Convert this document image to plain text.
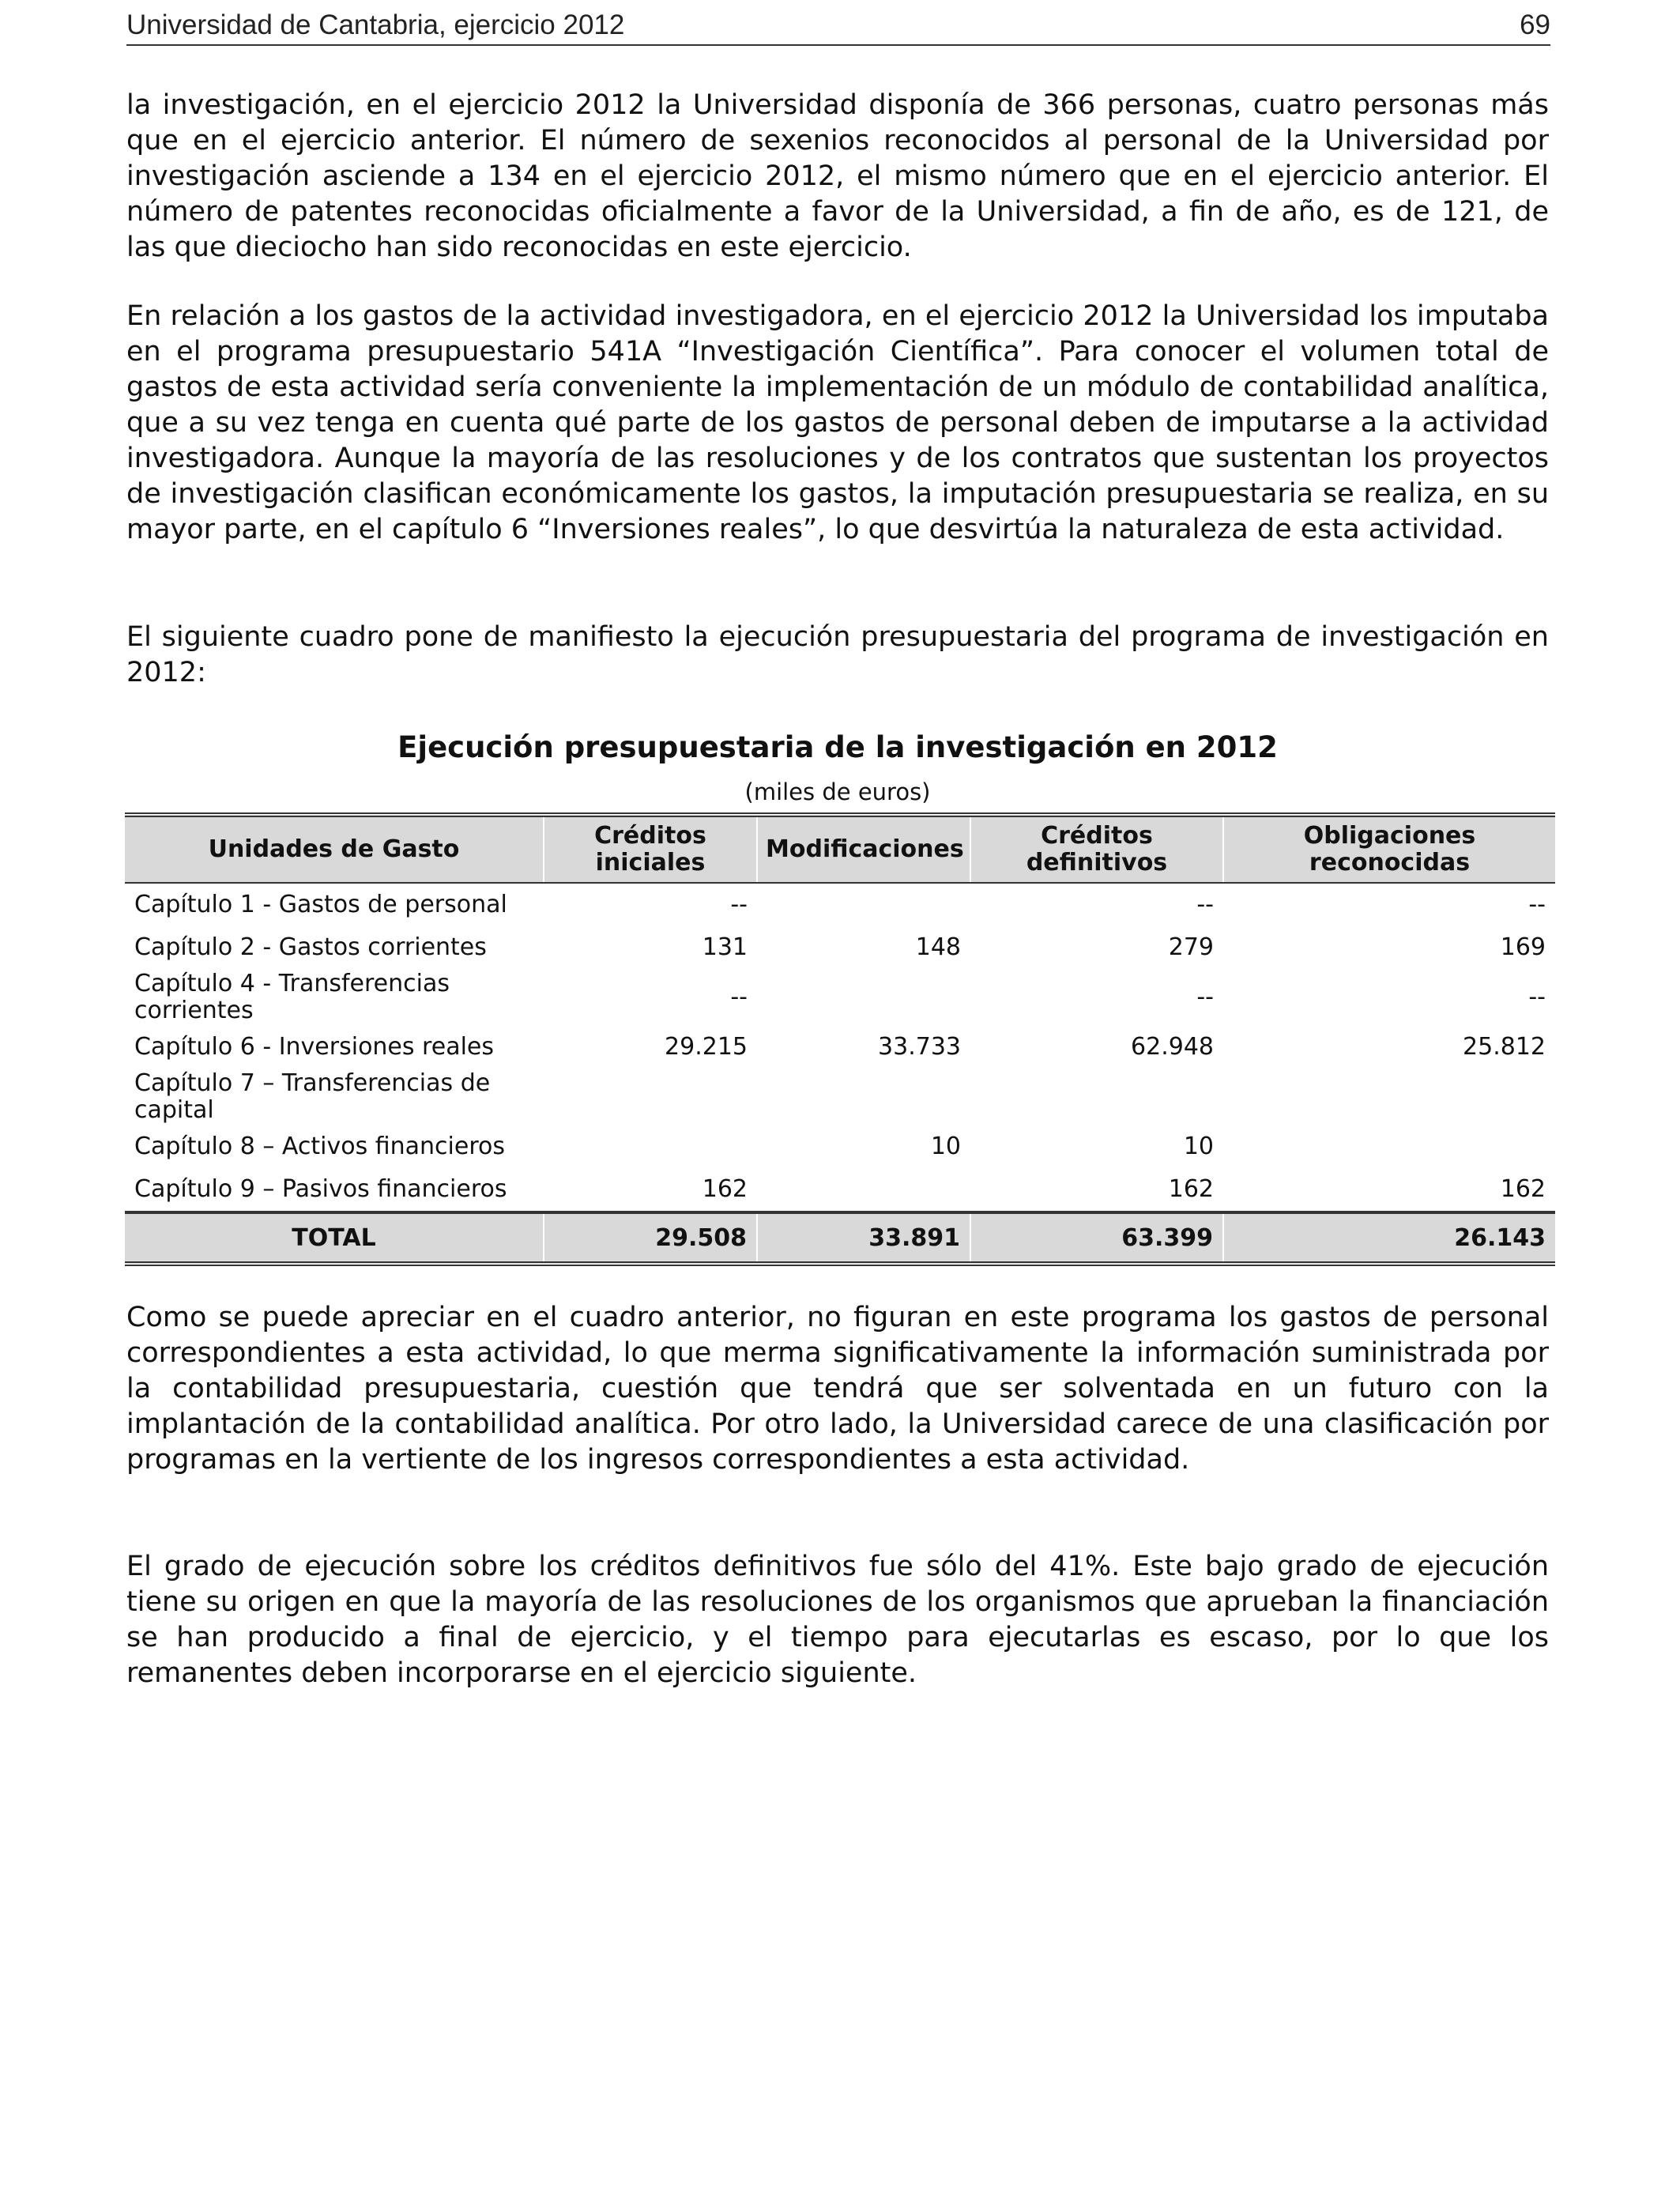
Universidad de Cantabria, ejercicio 2012	69

la investigación, en el ejercicio 2012 la Universidad disponía de 366 personas, cuatro personas más que en el ejercicio anterior. El número de sexenios reconocidos al personal de la Universidad por investigación asciende a 134 en el ejercicio 2012, el mismo número que en el ejercicio anterior. El número de patentes reconocidas oficialmente a favor de la Universidad, a fin de año, es de 121, de las que dieciocho han sido reconocidas en este ejercicio.

En relación a los gastos de la actividad investigadora, en el ejercicio 2012 la Universidad los imputaba en el programa presupuestario 541A “Investigación Científica”. Para conocer el volumen total de gastos de esta actividad sería conveniente la implementación de un módulo de contabilidad analítica, que a su vez tenga en cuenta qué parte de los gastos de personal deben de imputarse a la actividad investigadora. Aunque la mayoría de las resoluciones y de los contratos que sustentan los proyectos de investigación clasifican económicamente los gastos, la imputación presupuestaria se realiza, en su mayor parte, en el capítulo 6 “Inversiones reales”, lo que desvirtúa la naturaleza de esta actividad.

El siguiente cuadro pone de manifiesto la ejecución presupuestaria del programa de investigación en 2012:

Ejecución presupuestaria de la investigación en 2012

(miles de euros)
Unidades de Gasto	Créditos iniciales	Modificaciones	Créditos definitivos	Obligaciones reconocidas
Capítulo 1 - Gastos de personal	--		--	--
Capítulo 2 - Gastos corrientes	131	148	279	169
Capítulo 4 - Transferencias corrientes	--		--	--
Capítulo 6 - Inversiones reales	29.215	33.733	62.948	25.812
Capítulo 7 – Transferencias de capital				
Capítulo 8 – Activos financieros		10	10	
Capítulo 9 – Pasivos financieros	162		162	162
TOTAL	29.508	33.891	63.399	26.143

Como se puede apreciar en el cuadro anterior, no figuran en este programa los gastos de personal correspondientes a esta actividad, lo que merma significativamente la información suministrada por la contabilidad presupuestaria, cuestión que tendrá que ser solventada en un futuro con la implantación de la contabilidad analítica. Por otro lado, la Universidad carece de una clasificación por programas en la vertiente de los ingresos correspondientes a esta actividad.

El grado de ejecución sobre los créditos definitivos fue sólo del 41%. Este bajo grado de ejecución tiene su origen en que la mayoría de las resoluciones de los organismos que aprueban la financiación se han producido a final de ejercicio, y el tiempo para ejecutarlas es escaso, por lo que los remanentes deben incorporarse en el ejercicio siguiente.
